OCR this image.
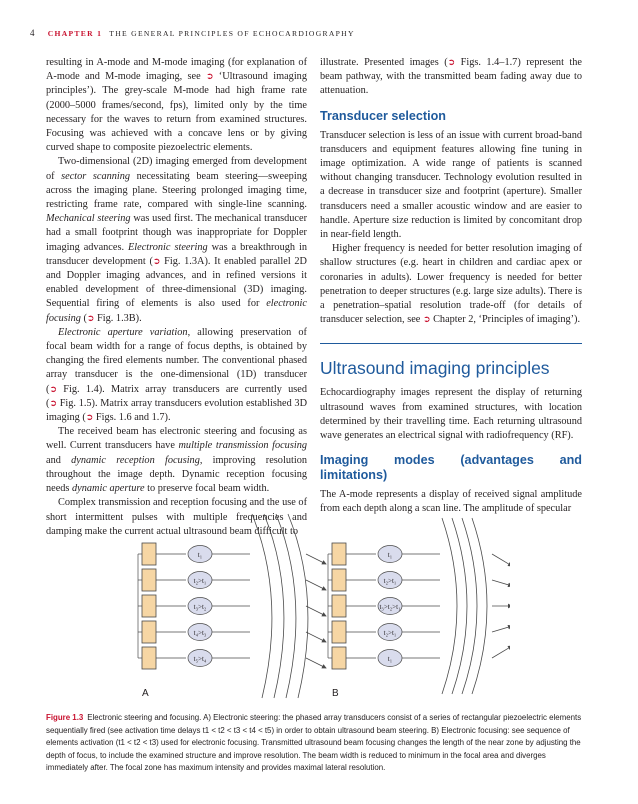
4 CHAPTER 1 THE GENERAL PRINCIPLES OF ECHOCARDIOGRAPHY

resulting in A-mode and M-mode imaging (for explanation of A-mode and M-mode imaging, see ➲ ‘Ultrasound imaging principles’). The grey-scale M-mode had high frame rate (2000–5000 frames/second, fps), limited only by the time necessary for the waves to return from examined structures. Focusing was achieved with a concave lens or by giving curved shape to composite piezoelectric elements.

Two-dimensional (2D) imaging emerged from development of sector scanning necessitating beam steering—sweeping across the imaging plane. Steering prolonged imaging time, restricting frame rate, compared with single-line scanning. Mechanical steering was used first. The mechanical transducer had a small footprint though was inappropriate for Doppler imaging advances. Electronic steering was a breakthrough in transducer development (➲ Fig. 1.3A). It enabled parallel 2D and Doppler imaging advances, and in refined versions it enabled development of three-dimensional (3D) imaging. Sequential firing of elements is also used for electronic focusing (➲ Fig. 1.3B).

Electronic aperture variation, allowing preservation of focal beam width for a range of focus depths, is obtained by changing the fired elements number. The conventional phased array transducer is the one-dimensional (1D) transducer (➲ Fig. 1.4). Matrix array transducers are currently used (➲ Fig. 1.5). Matrix array transducers evolution established 3D imaging (➲ Figs. 1.6 and 1.7).

The received beam has electronic steering and focusing as well. Current transducers have multiple transmission focusing and dynamic reception focusing, improving resolution throughout the image depth. Dynamic reception focusing needs dynamic aperture to preserve focal beam width.

Complex transmission and reception focusing and the use of short intermittent pulses with multiple frequencies and damping make the current actual ultrasound beam difficult to

illustrate. Presented images (➲ Figs. 1.4–1.7) represent the beam pathway, with the transmitted beam fading away due to attenuation.

Transducer selection

Transducer selection is less of an issue with current broad-band transducers and equipment features allowing fine tuning in image optimization. A wide range of patients is scanned without changing transducer. Technology evolution resulted in a decrease in transducer size and footprint (aperture). Smaller transducers need a smaller acoustic window and are easier to handle. Aperture size reduction is limited by concomitant drop in near-field length.

Higher frequency is needed for better resolution imaging of shallow structures (e.g. heart in children and cardiac apex or coronaries in adults). Lower frequency is needed for better penetration to deeper structures (e.g. large size adults). There is a penetration–spatial resolution trade-off (for details of transducer selection, see ➲ Chapter 2, ‘Principles of imaging’).

Ultrasound imaging principles

Echocardiography images represent the display of returning ultrasound waves from examined structures, with location determined by their travelling time. Each returning ultrasound wave generates an electrical signal with radiofrequency (RF).

Imaging modes (advantages and limitations)

The A-mode represents a display of received signal amplitude from each depth along a scan line. The amplitude of specular

t₁
t₂>t₁
t₃>t₂
t₄>t₃
t₅>t₄
t₁
t₂>t₁
t₃>t₂>t₁
t₂>t₁
t₁
A	B
Figure 1.3 Electronic steering and focusing. A) Electronic steering: the phased array transducers consist of a series of rectangular piezoelectric elements sequentially fired (see activation time delays t1 < t2 < t3 < t4 < t5) in order to obtain ultrasound beam steering. B) Electronic focusing: see sequence of elements activation (t1 < t2 < t3) used for electronic focusing. Transmitted ultrasound beam focusing changes the length of the near zone by adjusting the depth of focus, to include the examined structure and improve resolution. The beam width is reduced to minimum in the focal area and diverges immediately after. The focal zone has maximum intensity and provides maximal lateral resolution.
